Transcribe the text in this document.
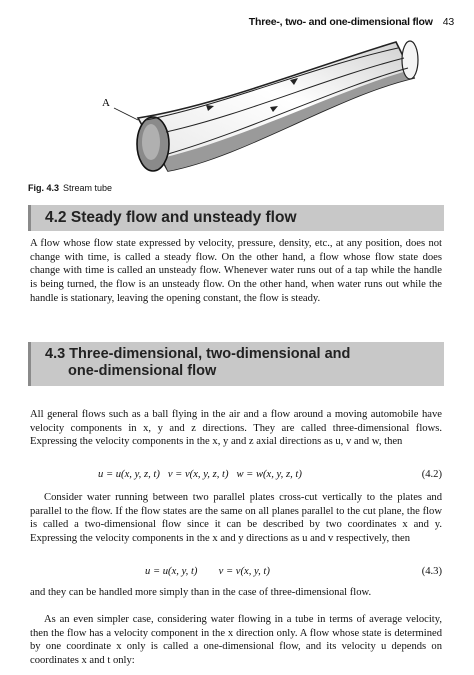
Three-, two- and one-dimensional flow 43
A
Fig. 4.3 Stream tube
4.2 Steady flow and unsteady flow

A flow whose flow state expressed by velocity, pressure, density, etc., at any position, does not change with time, is called a steady flow. On the other hand, a flow whose flow state does change with time is called an unsteady flow. Whenever water runs out of a tap while the handle is being turned, the flow is an unsteady flow. On the other hand, when water runs out while the handle is stationary, leaving the opening constant, the flow is steady.

4.3 Three-dimensional, two-dimensional and
one-dimensional flow

All general flows such as a ball flying in the air and a flow around a moving automobile have velocity components in x, y and z directions. They are called three-dimensional flows. Expressing the velocity components in the x, y and z axial directions as u, v and w, then

u = u(x, y, z, t)   v = v(x, y, z, t)   w = w(x, y, z, t)	(4.2)

Consider water running between two parallel plates cross-cut vertically to the plates and parallel to the flow. If the flow states are the same on all planes parallel to the cut plane, the flow is called a two-dimensional flow since it can be described by two coordinates x and y. Expressing the velocity components in the x and y directions as u and v respectively, then

u = u(x, y, t)        v = v(x, y, t)	(4.3)

and they can be handled more simply than in the case of three-dimensional flow.

As an even simpler case, considering water flowing in a tube in terms of average velocity, then the flow has a velocity component in the x direction only. A flow whose state is determined by one coordinate x only is called a one-dimensional flow, and its velocity u depends on coordinates x and t only:
